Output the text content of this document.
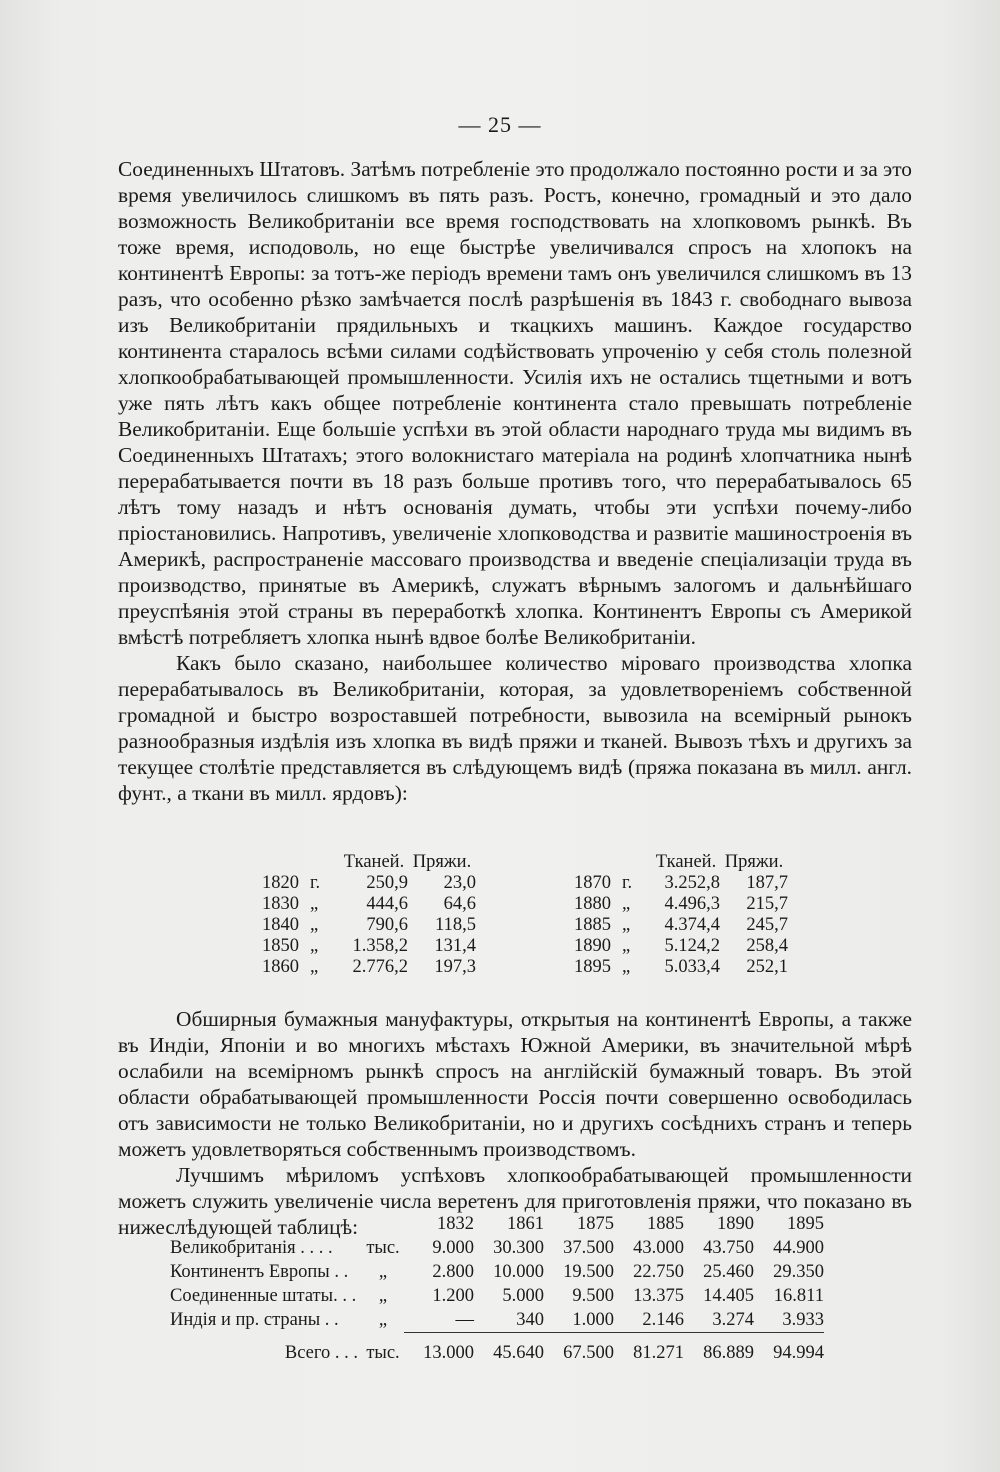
— 25 —

Соединенныхъ Штатовъ. Затѣмъ потребленіе это продолжало постоянно рости и за это время увеличилось слишкомъ въ пять разъ. Ростъ, конечно, громадный и это дало возможность Великобританіи все время господствовать на хлопковомъ рынкѣ. Въ тоже время, исподоволь, но еще быстрѣе увеличивался спросъ на хлопокъ на континентѣ Европы: за тотъ-же періодъ времени тамъ онъ увеличился слишкомъ въ 13 разъ, что особенно рѣзко замѣчается послѣ разрѣшенія въ 1843 г. свободнаго вывоза изъ Великобританіи прядильныхъ и ткацкихъ машинъ. Каждое государство континента старалось всѣми силами содѣйствовать упроченію у себя столь полезной хлопкообрабатывающей промышленности. Усилія ихъ не остались тщетными и вотъ уже пять лѣтъ какъ общее потребленіе континента стало превышать потребленіе Великобританіи. Еще большіе успѣхи въ этой области народнаго труда мы видимъ въ Соединенныхъ Штатахъ; этого волокнистаго матеріала на родинѣ хлопчатника нынѣ перерабатывается почти въ 18 разъ больше противъ того, что перерабатывалось 65 лѣтъ тому назадъ и нѣтъ основанія думать, чтобы эти успѣхи почему-либо пріостановились. Напротивъ, увеличеніе хлопководства и развитіе машиностроенія въ Америкѣ, распространеніе массоваго производства и введеніе спеціализаціи труда въ производство, принятые въ Америкѣ, служатъ вѣрнымъ залогомъ и дальнѣйшаго преуспѣянія этой страны въ переработкѣ хлопка. Континентъ Европы съ Америкой вмѣстѣ потребляетъ хлопка нынѣ вдвое болѣе Великобританіи.

Какъ было сказано, наибольшее количество міроваго производства хлопка перерабатывалось въ Великобританіи, которая, за удовлетвореніемъ собственной громадной и быстро возроставшей потребности, вывозила на всемірный рынокъ разнообразныя издѣлія изъ хлопка въ видѣ пряжи и тканей. Вывозъ тѣхъ и другихъ за текущее столѣтіе представляется въ слѣдующемъ видѣ (пряжа показана въ милл. англ. фунт., а ткани въ милл. ярдовъ):

		Тканей.	Пряжи.				Тканей.	Пряжи.
1820	г.	250,9	23,0		1870	г.	3.252,8	187,7
1830	„	444,6	64,6		1880	„	4.496,3	215,7
1840	„	790,6	118,5		1885	„	4.374,4	245,7
1850	„	1.358,2	131,4		1890	„	5.124,2	258,4
1860	„	2.776,2	197,3		1895	„	5.033,4	252,1

Обширныя бумажныя мануфактуры, открытыя на континентѣ Европы, а также въ Индіи, Японіи и во многихъ мѣстахъ Южной Америки, въ значительной мѣрѣ ослабили на всемірномъ рынкѣ спросъ на англійскій бумажный товаръ. Въ этой области обрабатывающей промышленности Россія почти совершенно освободилась отъ зависимости не только Великобританіи, но и другихъ сосѣднихъ странъ и теперь можетъ удовлетворяться собственнымъ производствомъ.

Лучшимъ мѣриломъ успѣховъ хлопкообрабатывающей промышленности можетъ служить увеличеніе числа веретенъ для приготовленія пряжи, что показано въ нижеслѣдующей таблицѣ:

			1832	1861	1875	1885	1890	1895
Великобританія . . . .	тыс.	9.000	30.300	37.500	43.000	43.750	44.900
Континентъ Европы . .	„	2.800	10.000	19.500	22.750	25.460	29.350
Соединенные штаты. . .	„	1.200	5.000	9.500	13.375	14.405	16.811
Индія и пр. страны . .	„	—	340	1.000	2.146	3.274	3.933
Всего . . .	тыс.	13.000	45.640	67.500	81.271	86.889	94.994
